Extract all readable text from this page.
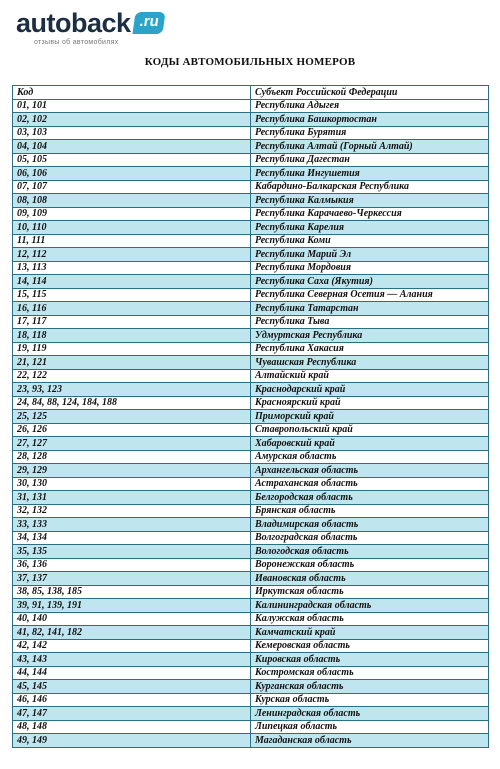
autoback .ru
отзывы об автомобилях
КОДЫ АВТОМОБИЛЬНЫХ НОМЕРОВ
Код	Субъект Российской Федерации
01, 101	Республика Адыгея
02, 102	Республика Башкортостан
03, 103	Республика Бурятия
04, 104	Республика Алтай (Горный Алтай)
05, 105	Республика Дагестан
06, 106	Республика Ингушетия
07, 107	Кабардино-Балкарская Республика
08, 108	Республика Калмыкия
09, 109	Республика Карачаево-Черкессия
10, 110	Республика Карелия
11, 111	Республика Коми
12, 112	Республика Марий Эл
13, 113	Республика Мордовия
14, 114	Республика Саха (Якутия)
15, 115	Республика Северная Осетия — Алания
16, 116	Республика Татарстан
17, 117	Республика Тыва
18, 118	Удмуртская Республика
19, 119	Республика Хакасия
21, 121	Чувашская Республика
22, 122	Алтайский край
23, 93, 123	Краснодарский край
24, 84, 88, 124, 184, 188	Красноярский край
25, 125	Приморский край
26, 126	Ставропольский край
27, 127	Хабаровский край
28, 128	Амурская область
29, 129	Архангельская область
30, 130	Астраханская область
31, 131	Белгородская область
32, 132	Брянская область
33, 133	Владимирская область
34, 134	Волгоградская область
35, 135	Вологодская область
36, 136	Воронежская область
37, 137	Ивановская область
38, 85, 138, 185	Иркутская область
39, 91, 139, 191	Калининградская область
40, 140	Калужская область
41, 82, 141, 182	Камчатский край
42, 142	Кемеровская область
43, 143	Кировская область
44, 144	Костромская область
45, 145	Курганская область
46, 146	Курская область
47, 147	Ленинградская область
48, 148	Липецкая область
49, 149	Магаданская область
